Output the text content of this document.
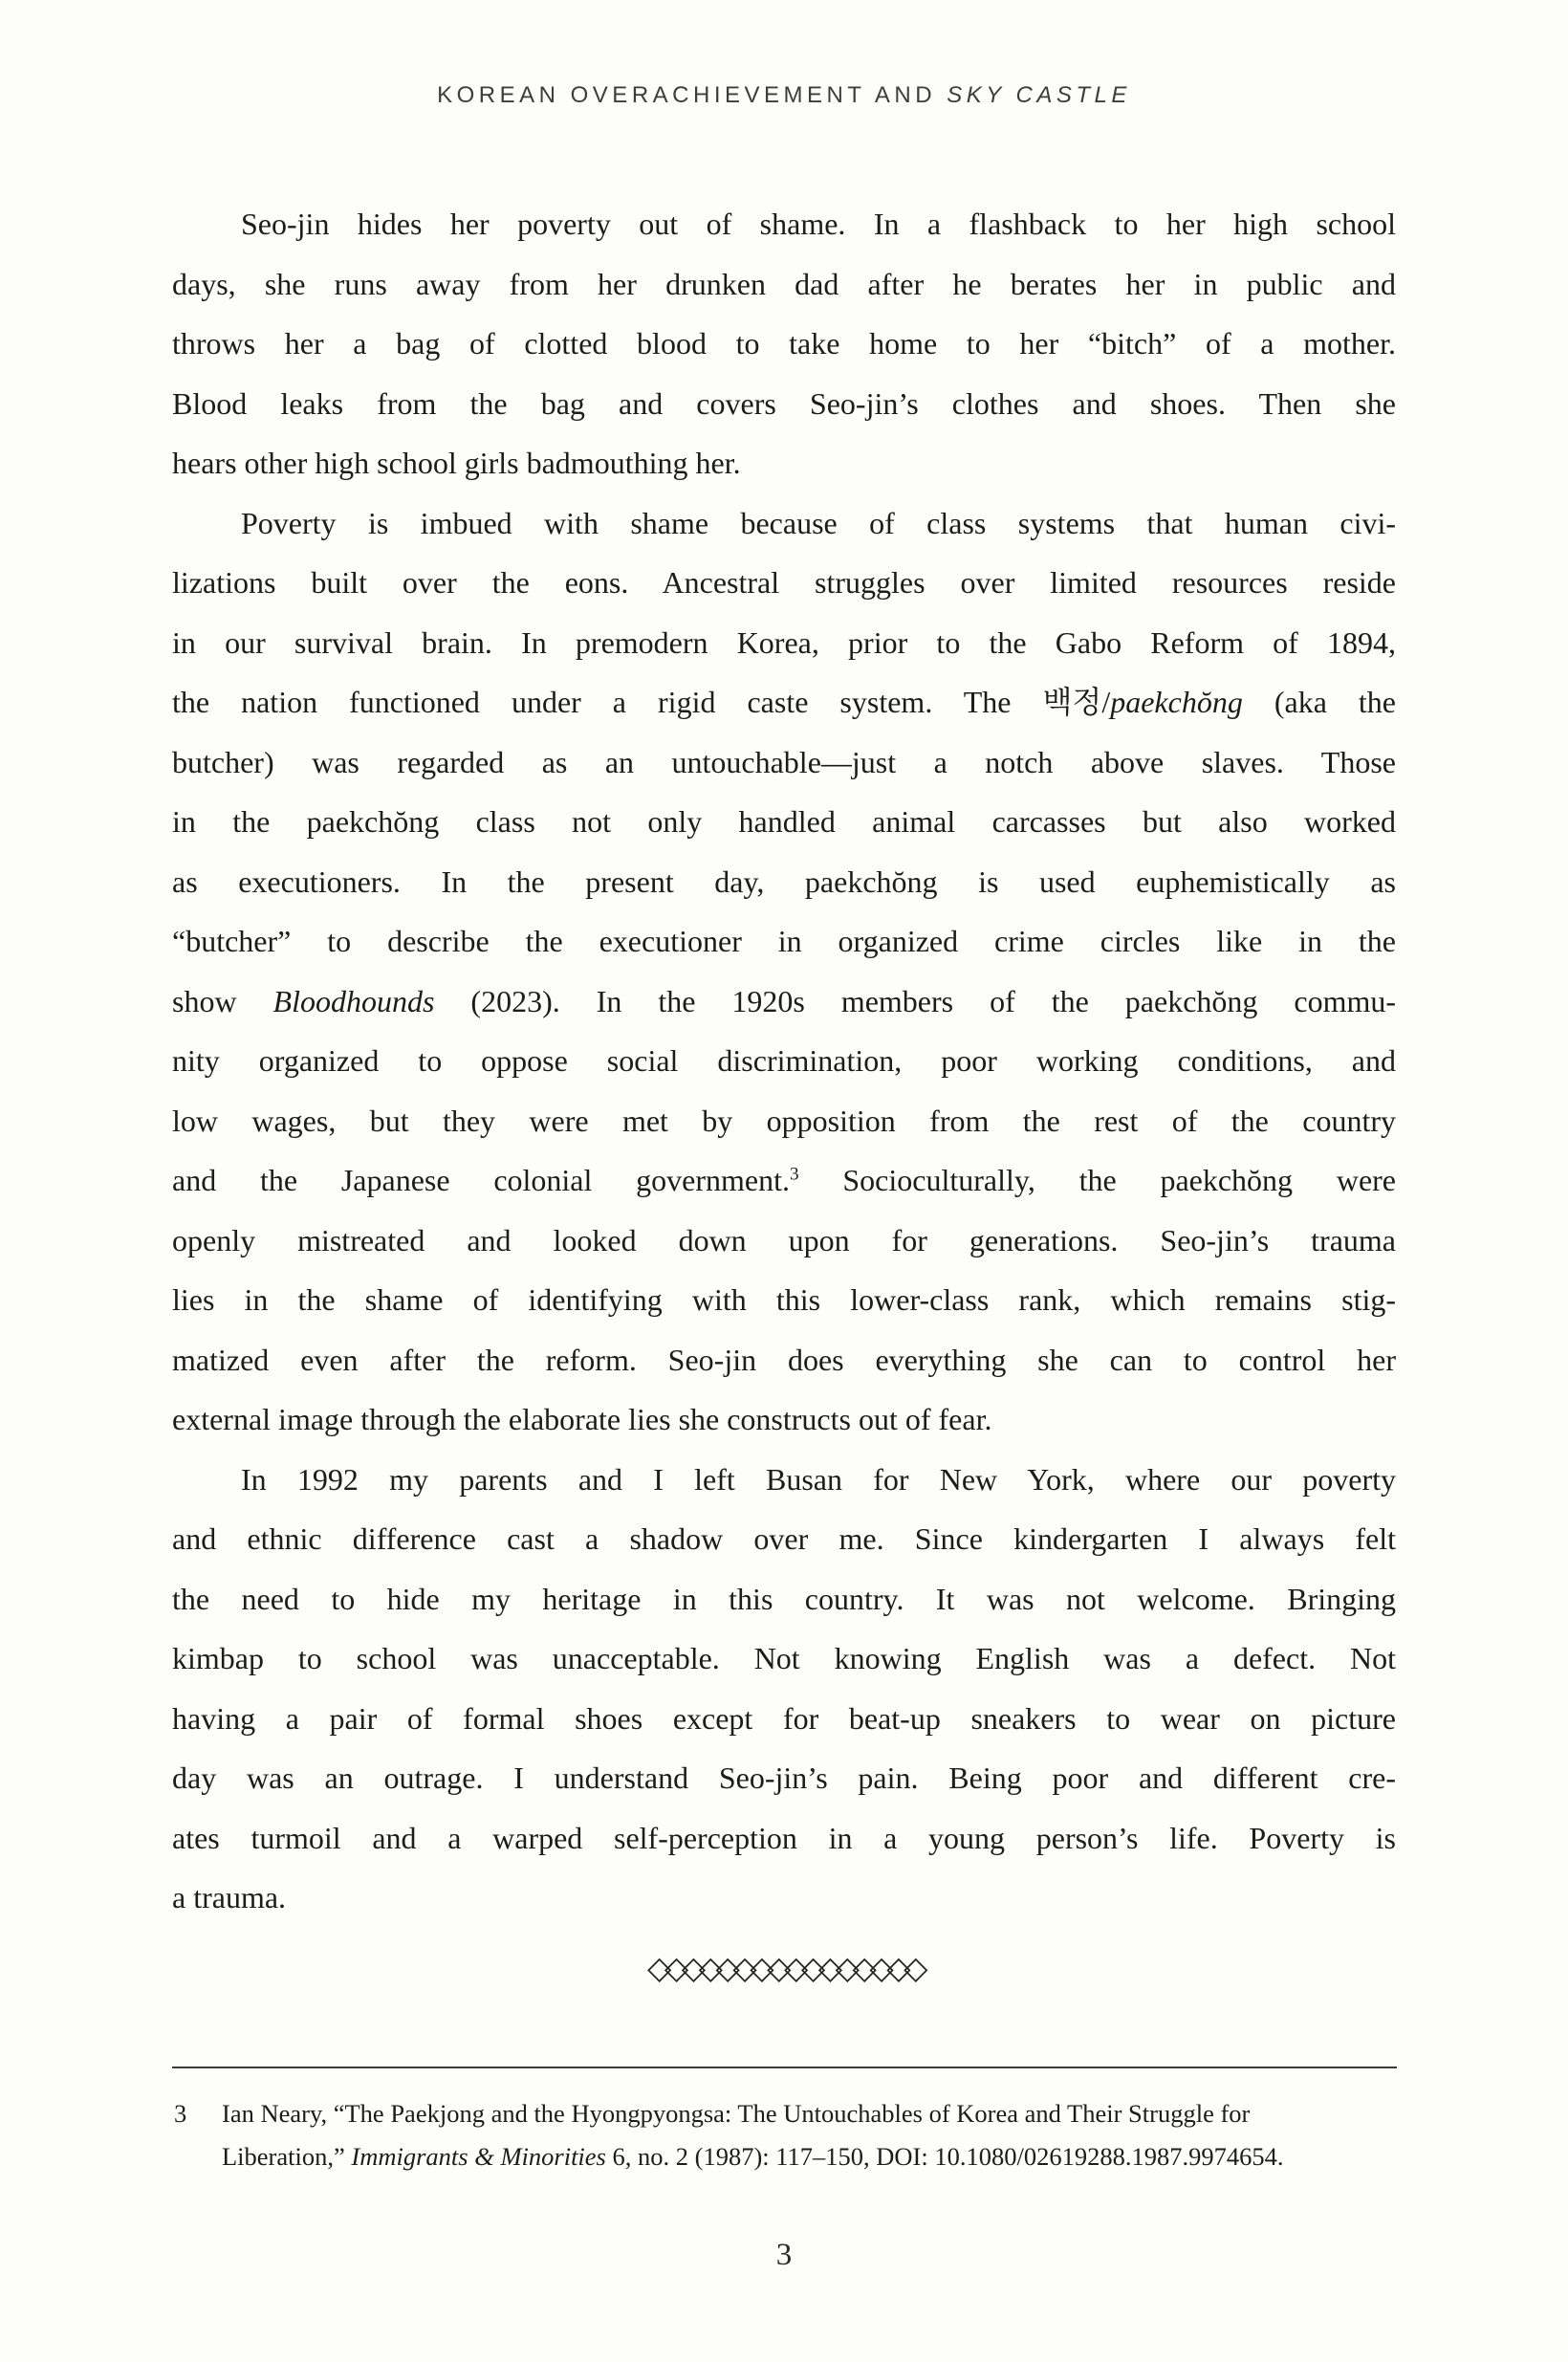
KOREAN OVERACHIEVEMENT AND SKY CASTLE
Seo-jin hides her poverty out of shame. In a flashback to her high school
days, she runs away from her drunken dad after he berates her in public and
throws her a bag of clotted blood to take home to her “bitch” of a mother.
Blood leaks from the bag and covers Seo-jin’s clothes and shoes. Then she
hears other high school girls badmouthing her.
Poverty is imbued with shame because of class systems that human civi-
lizations built over the eons. Ancestral struggles over limited resources reside
in our survival brain. In premodern Korea, prior to the Gabo Reform of 1894,
the nation functioned under a rigid caste system. The 백정/paekchŏng (aka the
butcher) was regarded as an untouchable—just a notch above slaves. Those
in the paekchŏng class not only handled animal carcasses but also worked
as executioners. In the present day, paekchŏng is used euphemistically as
“butcher” to describe the executioner in organized crime circles like in the
show Bloodhounds (2023). In the 1920s members of the paekchŏng commu-
nity organized to oppose social discrimination, poor working conditions, and
low wages, but they were met by opposition from the rest of the country
and the Japanese colonial government.$^3$ Socioculturally, the paekchŏng were
openly mistreated and looked down upon for generations. Seo-jin’s trauma
lies in the shame of identifying with this lower-class rank, which remains stig-
matized even after the reform. Seo-jin does everything she can to control her
external image through the elaborate lies she constructs out of fear.
In 1992 my parents and I left Busan for New York, where our poverty
and ethnic difference cast a shadow over me. Since kindergarten I always felt
the need to hide my heritage in this country. It was not welcome. Bringing
kimbap to school was unacceptable. Not knowing English was a defect. Not
having a pair of formal shoes except for beat-up sneakers to wear on picture
day was an outrage. I understand Seo-jin’s pain. Being poor and different cre-
ates turmoil and a warped self-perception in a young person’s life. Poverty is
a trauma.
◇◇◇◇◇◇◇◇◇◇◇◇◇◇◇◇
3 Ian Neary, “The Paekjong and the Hyongpyongsa: The Untouchables of Korea and Their Struggle for
Liberation,” Immigrants & Minorities 6, no. 2 (1987): 117–150, DOI: 10.1080/02619288.1987.9974654.
3
